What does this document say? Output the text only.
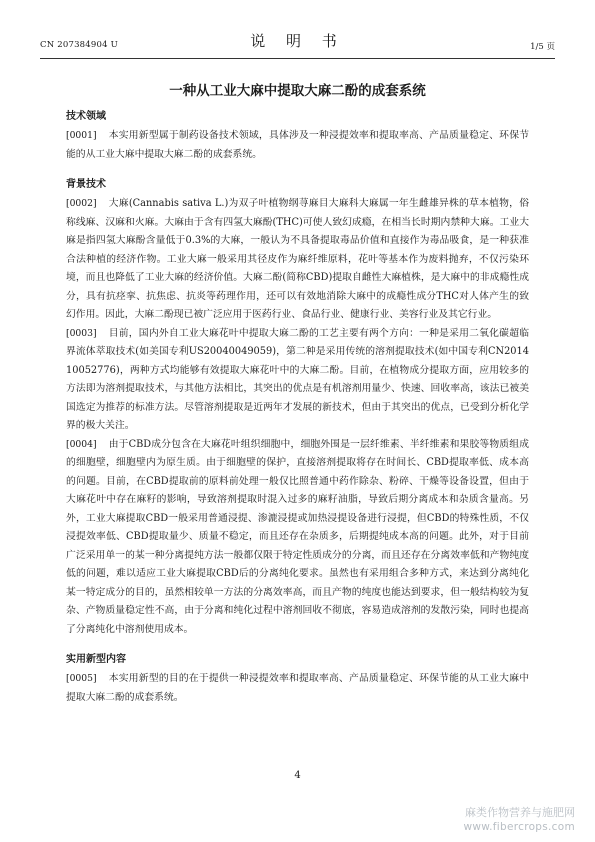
CN 207384904 U	说 明 书	1/5 页
一种从工业大麻中提取大麻二酚的成套系统
技术领域

[0001] 本实用新型属于制药设备技术领域，具体涉及一种浸提效率和提取率高、产品质量稳定、环保节能的从工业大麻中提取大麻二酚的成套系统。

背景技术

[0002] 大麻(Cannabis sativa L.)为双子叶植物纲荨麻目大麻科大麻属一年生雌雄异株的草本植物，俗称线麻、汉麻和火麻。大麻由于含有四氢大麻酚(THC)可使人致幻成瘾，在相当长时期内禁种大麻。工业大麻是指四氢大麻酚含量低于0.3%的大麻，一般认为不具备提取毒品价值和直接作为毒品吸食，是一种获准合法种植的经济作物。工业大麻一般采用其径皮作为麻纤维原料，花叶等基本作为废料抛弃，不仅污染环境，而且也降低了工业大麻的经济价值。大麻二酚(简称CBD)提取自雌性大麻植株，是大麻中的非成瘾性成分，具有抗痉挛、抗焦虑、抗炎等药理作用，还可以有效地消除大麻中的成瘾性成分THC对人体产生的致幻作用。因此，大麻二酚现已被广泛应用于医药行业、食品行业、健康行业、美容行业及其它行业。

[0003] 目前，国内外自工业大麻花叶中提取大麻二酚的工艺主要有两个方向：一种是采用二氧化碳超临界流体萃取技术(如美国专利US20040049059)，第二种是采用传统的溶剂提取技术(如中国专利CN201410052776)，两种方式均能够有效提取大麻花叶中的大麻二酚。目前，在植物成分提取方面，应用较多的方法即为溶剂提取技术，与其他方法相比，其突出的优点是有机溶剂用量少、快速、回收率高，该法已被美国选定为推荐的标准方法。尽管溶剂提取是近两年才发展的新技术，但由于其突出的优点，已受到分析化学界的极大关注。

[0004] 由于CBD成分包含在大麻花叶组织细胞中，细胞外围是一层纤维素、半纤维素和果胶等物质组成的细胞壁，细胞壁内为原生质。由于细胞壁的保护，直接溶剂提取将存在时间长、CBD提取率低、成本高的问题。目前，在CBD提取前的原料前处理一般仅比照普通中药作除杂、粉碎、干燥等设备设置，但由于大麻花叶中存在麻籽的影响，导致溶剂提取时混入过多的麻籽油脂，导致后期分离成本和杂质含量高。另外，工业大麻提取CBD一般采用普通浸提、渗漉浸提或加热浸提设备进行浸提，但CBD的特殊性质，不仅浸提效率低、CBD提取量少、质量不稳定，而且还存在杂质多，后期提纯成本高的问题。此外，对于目前广泛采用单一的某一种分离提纯方法一般都仅限于特定性质成分的分离，而且还存在分离效率低和产物纯度低的问题，难以适应工业大麻提取CBD后的分离纯化要求。虽然也有采用组合多种方式，来达到分离纯化某一特定成分的目的，虽然相较单一方法的分离效率高，而且产物的纯度也能达到要求，但一般结构较为复杂、产物质量稳定性不高，由于分离和纯化过程中溶剂回收不彻底，容易造成溶剂的发散污染，同时也提高了分离纯化中溶剂使用成本。

实用新型内容

[0005] 本实用新型的目的在于提供一种浸提效率和提取率高、产品质量稳定、环保节能的从工业大麻中提取大麻二酚的成套系统。

4
麻类作物营养与施肥网
www.fibercrops.com
